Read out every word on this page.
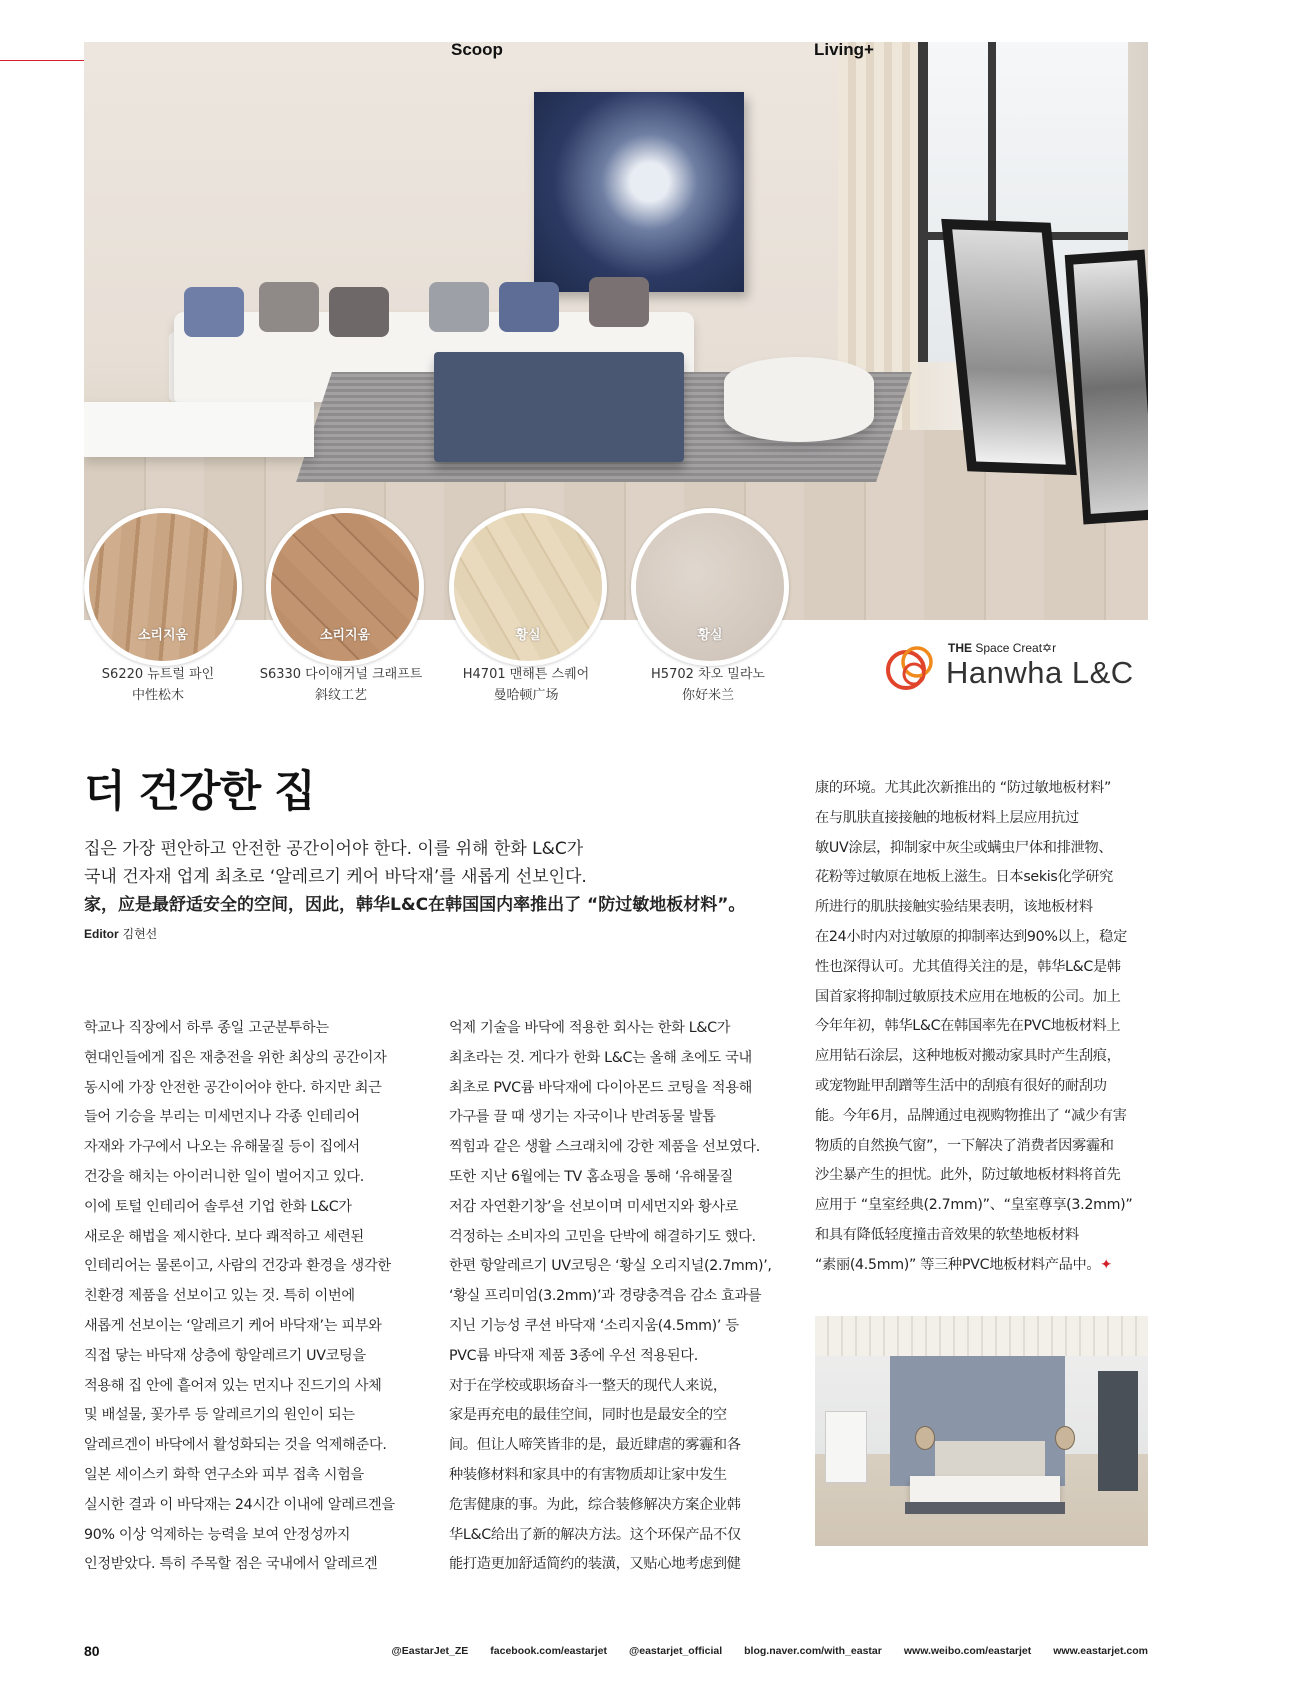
Scoop	Living+
소리지움	소리지움	황실	황실
S6220 뉴트럴 파인
中性松木
S6330 다이애거널 크래프트
斜纹工艺
H4701 맨해튼 스퀘어
曼哈顿广场
H5702 차오 밀라노
你好米兰
THE Space Creat✡r
Hanwha L&C
더 건강한 집
집은 가장 편안하고 안전한 공간이어야 한다. 이를 위해 한화 L&C가
국내 건자재 업계 최초로 ‘알레르기 케어 바닥재’를 새롭게 선보인다.
家，应是最舒适安全的空间，因此，韩华L&C在韩国国内率推出了 “防过敏地板材料”。
Editor 김현선

학교나 직장에서 하루 종일 고군분투하는

현대인들에게 집은 재충전을 위한 최상의 공간이자

동시에 가장 안전한 공간이어야 한다. 하지만 최근

들어 기승을 부리는 미세먼지나 각종 인테리어

자재와 가구에서 나오는 유해물질 등이 집에서

건강을 해치는 아이러니한 일이 벌어지고 있다.

이에 토털 인테리어 솔루션 기업 한화 L&C가

새로운 해법을 제시한다. 보다 쾌적하고 세련된

인테리어는 물론이고, 사람의 건강과 환경을 생각한

친환경 제품을 선보이고 있는 것. 특히 이번에

새롭게 선보이는 ‘알레르기 케어 바닥재’는 피부와

직접 닿는 바닥재 상층에 항알레르기 UV코팅을

적용해 집 안에 흩어져 있는 먼지나 진드기의 사체

및 배설물, 꽃가루 등 알레르기의 원인이 되는

알레르겐이 바닥에서 활성화되는 것을 억제해준다.

일본 세이스키 화학 연구소와 피부 접촉 시험을

실시한 결과 이 바닥재는 24시간 이내에 알레르겐을

90% 이상 억제하는 능력을 보여 안정성까지

인정받았다. 특히 주목할 점은 국내에서 알레르겐

억제 기술을 바닥에 적용한 회사는 한화 L&C가

최초라는 것. 게다가 한화 L&C는 올해 초에도 국내

최초로 PVC륨 바닥재에 다이아몬드 코팅을 적용해

가구를 끌 때 생기는 자국이나 반려동물 발톱

찍힘과 같은 생활 스크래치에 강한 제품을 선보였다.

또한 지난 6월에는 TV 홈쇼핑을 통해 ‘유해물질

저감 자연환기창’을 선보이며 미세먼지와 황사로

걱정하는 소비자의 고민을 단박에 해결하기도 했다.

한편 항알레르기 UV코팅은 ‘황실 오리지널(2.7mm)’,

‘황실 프리미엄(3.2mm)’과 경량충격음 감소 효과를

지닌 기능성 쿠션 바닥재 ‘소리지움(4.5mm)’ 등

PVC륨 바닥재 제품 3종에 우선 적용된다.

对于在学校或职场奋斗一整天的现代人来说，

家是再充电的最佳空间，同时也是最安全的空

间。但让人啼笑皆非的是，最近肆虐的雾霾和各

种装修材料和家具中的有害物质却让家中发生

危害健康的事。为此，综合装修解决方案企业韩

华L&C给出了新的解决方法。这个环保产品不仅

能打造更加舒适简约的装潢，又贴心地考虑到健

康的环境。尤其此次新推出的 “防过敏地板材料”

在与肌肤直接接触的地板材料上层应用抗过

敏UV涂层，抑制家中灰尘或螨虫尸体和排泄物、

花粉等过敏原在地板上滋生。日本sekis化学研究

所进行的肌肤接触实验结果表明，该地板材料

在24小时内对过敏原的抑制率达到90%以上，稳定

性也深得认可。尤其值得关注的是，韩华L&C是韩

国首家将抑制过敏原技术应用在地板的公司。加上

今年年初，韩华L&C在韩国率先在PVC地板材料上

应用钻石涂层，这种地板对搬动家具时产生刮痕，

或宠物趾甲刮蹭等生活中的刮痕有很好的耐刮功

能。今年6月，品牌通过电视购物推出了 “减少有害

物质的自然换气窗”，一下解决了消费者因雾霾和

沙尘暴产生的担忧。此外，防过敏地板材料将首先

应用于 “皇室经典(2.7mm)”、“皇室尊享(3.2mm)”

和具有降低轻度撞击音效果的软垫地板材料

“素丽(4.5mm)” 等三种PVC地板材料产品中。✦

80	@EastarJet_ZE facebook.com/eastarjet @eastarjet_official blog.naver.com/with_eastar www.weibo.com/eastarjet www.eastarjet.com
